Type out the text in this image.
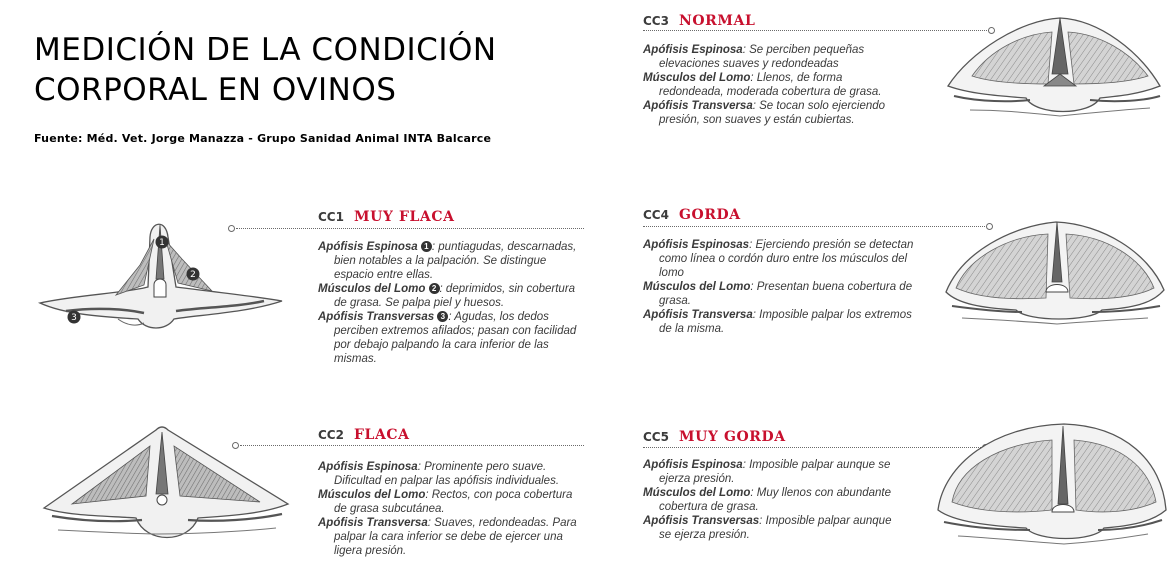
MEDICIÓN DE LA CONDICIÓN
CORPORAL EN OVINOS
Fuente: Méd. Vet. Jorge Manazza - Grupo Sanidad Animal INTA Balcarce
1
2
3
CC1 MUY FLACA

Apófisis Espinosa 1 : puntiagudas, descarnadas, bien notables a la palpación. Se distingue espacio entre ellas.

Músculos del Lomo 2 : deprimidos, sin cobertura de grasa. Se palpa piel y huesos.

Apófisis Transversas 3 : Agudas, los dedos perciben extremos afilados; pasan con facilidad por debajo palpando la cara inferior de las mismas.

CC2 FLACA

Apófisis Espinosa: Prominente pero suave. Dificultad en palpar las apófisis individuales.

Músculos del Lomo: Rectos, con poca cobertura de grasa subcutánea.

Apófisis Transversa: Suaves, redondeadas. Para palpar la cara inferior se debe de ejercer una ligera presión.

CC3 NORMAL

Apófisis Espinosa: Se perciben pequeñas elevaciones suaves y redondeadas

Músculos del Lomo: Llenos, de forma redondeada, moderada cobertura de grasa.

Apófisis Transversa: Se tocan solo ejerciendo presión, son suaves y están cubiertas.

CC4 GORDA

Apófisis Espinosas: Ejerciendo presión se detectan como línea o cordón duro entre los músculos del lomo

Músculos del Lomo: Presentan buena cobertura de grasa.

Apófisis Transversa: Imposible palpar los extremos de la misma.

CC5 MUY GORDA

Apófisis Espinosa: Imposible palpar aunque se ejerza presión.

Músculos del Lomo: Muy llenos con abundante cobertura de grasa.

Apófisis Transversas: Imposible palpar aunque se ejerza presión.
